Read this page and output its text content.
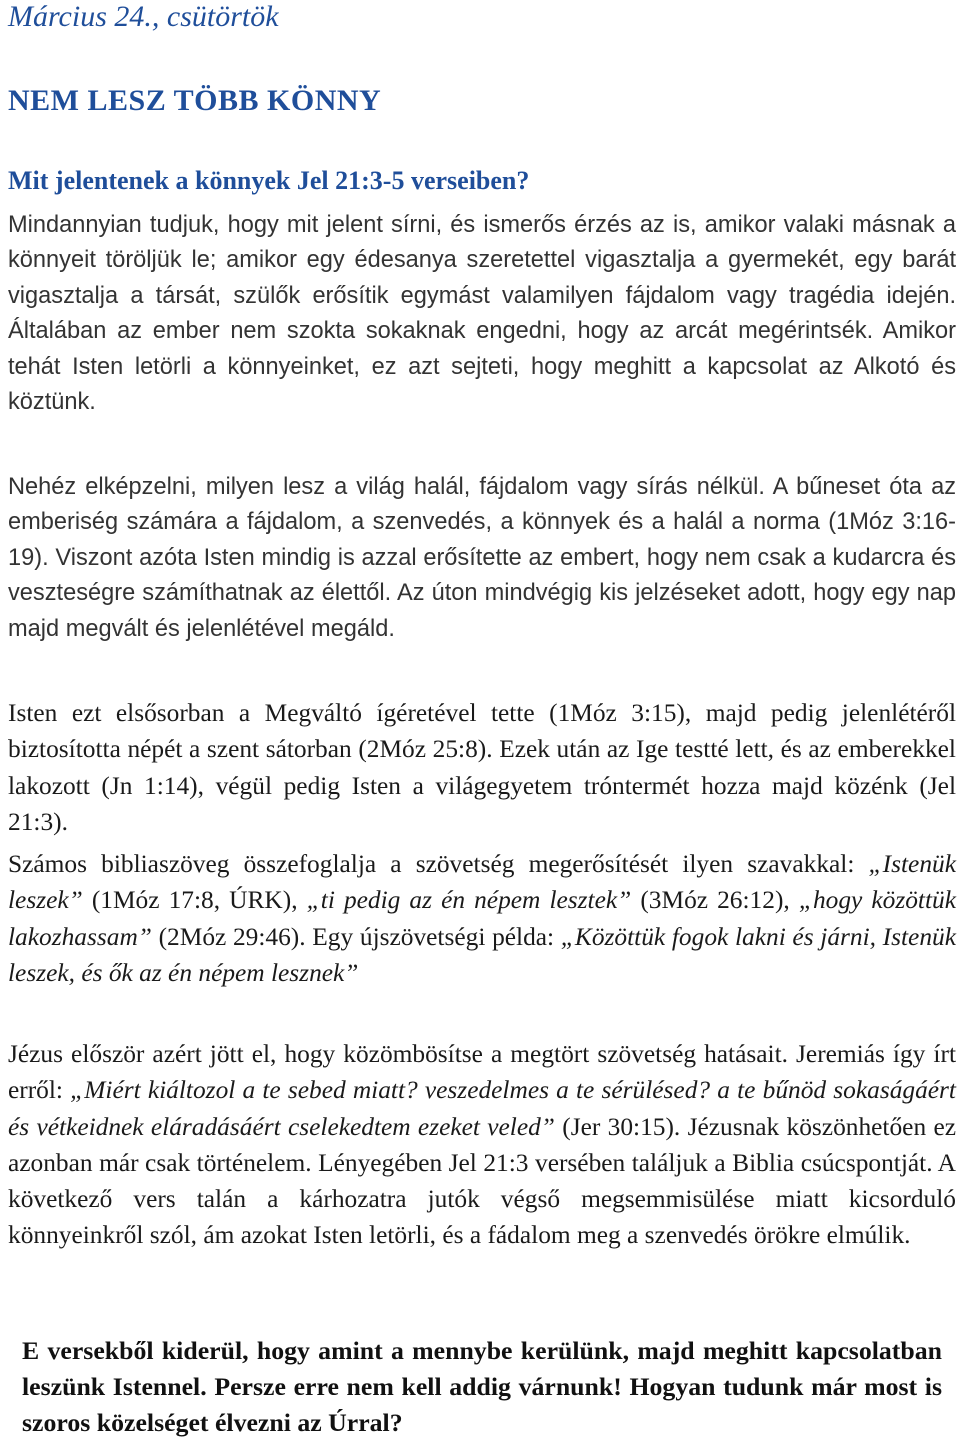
Március 24., csütörtök
NEM LESZ TÖBB KÖNNY
Mit jelentenek a könnyek Jel 21:3-5 verseiben?

Mindannyian tudjuk, hogy mit jelent sírni, és ismerős érzés az is, amikor valaki másnak a könnyeit töröljük le; amikor egy édesanya szeretettel vigasztalja a gyermekét, egy barát vigasztalja a társát, szülők erősítik egymást valamilyen fájdalom vagy tragédia idején. Általában az ember nem szokta sokaknak engedni, hogy az arcát megérintsék. Amikor tehát Isten letörli a könnyeinket, ez azt sejteti, hogy meghitt a kapcsolat az Alkotó és köztünk.

Nehéz elképzelni, milyen lesz a világ halál, fájdalom vagy sírás nélkül. A bűneset óta az emberiség számára a fájdalom, a szenvedés, a könnyek és a halál a norma (1Móz 3:16-19). Viszont azóta Isten mindig is azzal erősítette az embert, hogy nem csak a kudarcra és veszteségre számíthatnak az élettől. Az úton mindvégig kis jelzéseket adott, hogy egy nap majd megvált és jelenlétével megáld.

Isten ezt elsősorban a Megváltó ígéretével tette (1Móz 3:15), majd pedig jelenlétéről biztosította népét a szent sátorban (2Móz 25:8). Ezek után az Ige testté lett, és az emberekkel lakozott (Jn 1:14), végül pedig Isten a világegyetem tróntermét hozza majd közénk (Jel 21:3).

Számos bibliaszöveg összefoglalja a szövetség megerősítését ilyen szavakkal: „Istenük leszek” (1Móz 17:8, ÚRK), „ti pedig az én népem lesztek” (3Móz 26:12), „hogy közöttük lakozhassam” (2Móz 29:46). Egy újszövetségi példa: „Közöttük fogok lakni és járni, Istenük leszek, és ők az én népem lesznek”

Jézus először azért jött el, hogy közömbösítse a megtört szövetség hatásait. Jeremiás így írt erről: „Miért kiáltozol a te sebed miatt? veszedelmes a te sérülésed? a te bűnöd sokaságáért és vétkeidnek eláradásáért cselekedtem ezeket veled” (Jer 30:15). Jézusnak köszönhetően ez azonban már csak történelem. Lényegében Jel 21:3 versében találjuk a Biblia csúcspontját. A következő vers talán a kárhozatra jutók végső megsemmisülése miatt kicsorduló könnyeinkről szól, ám azokat Isten letörli, és a fádalom meg a szenvedés örökre elmúlik.

E versekből kiderül, hogy amint a mennybe kerülünk, majd meghitt kapcsolatban leszünk Istennel. Persze erre nem kell addig várnunk! Hogyan tudunk már most is szoros közelséget élvezni az Úrral?
